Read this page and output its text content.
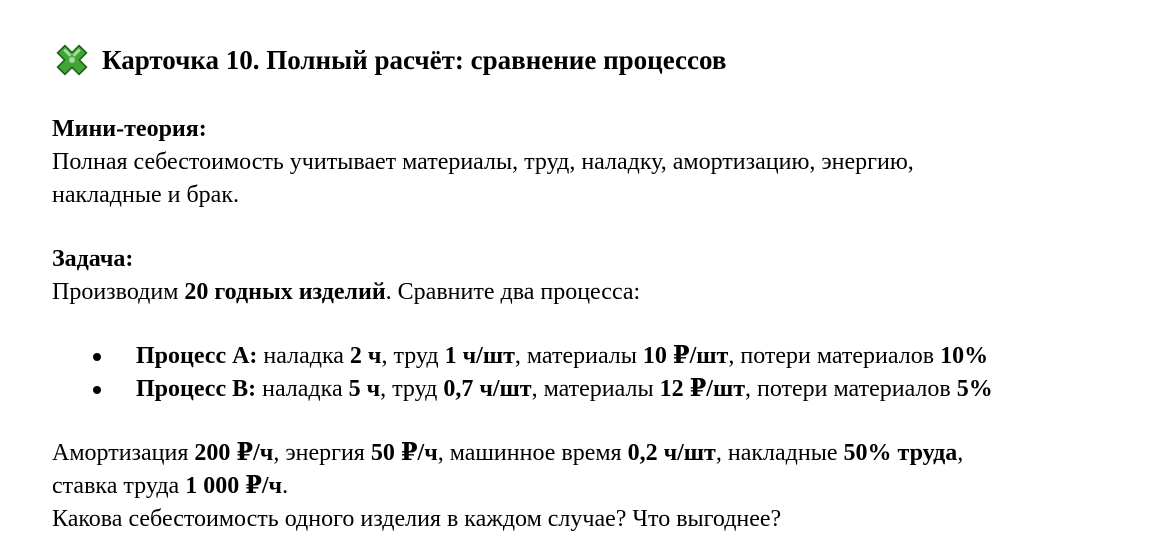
Карточка 10. Полный расчёт: сравнение процессов
Мини-теория:
Полная себестоимость учитывает материалы, труд, наладку, амортизацию, энергию,
накладные и брак.
Задача:
Производим 20 годных изделий. Сравните два процесса:
Процесс А: наладка 2 ч, труд 1 ч/шт, материалы 10 ₽/шт, потери материалов 10%
Процесс В: наладка 5 ч, труд 0,7 ч/шт, материалы 12 ₽/шт, потери материалов 5%
Амортизация 200 ₽/ч, энергия 50 ₽/ч, машинное время 0,2 ч/шт, накладные 50% труда,
ставка труда 1 000 ₽/ч.
Какова себестоимость одного изделия в каждом случае? Что выгоднее?
